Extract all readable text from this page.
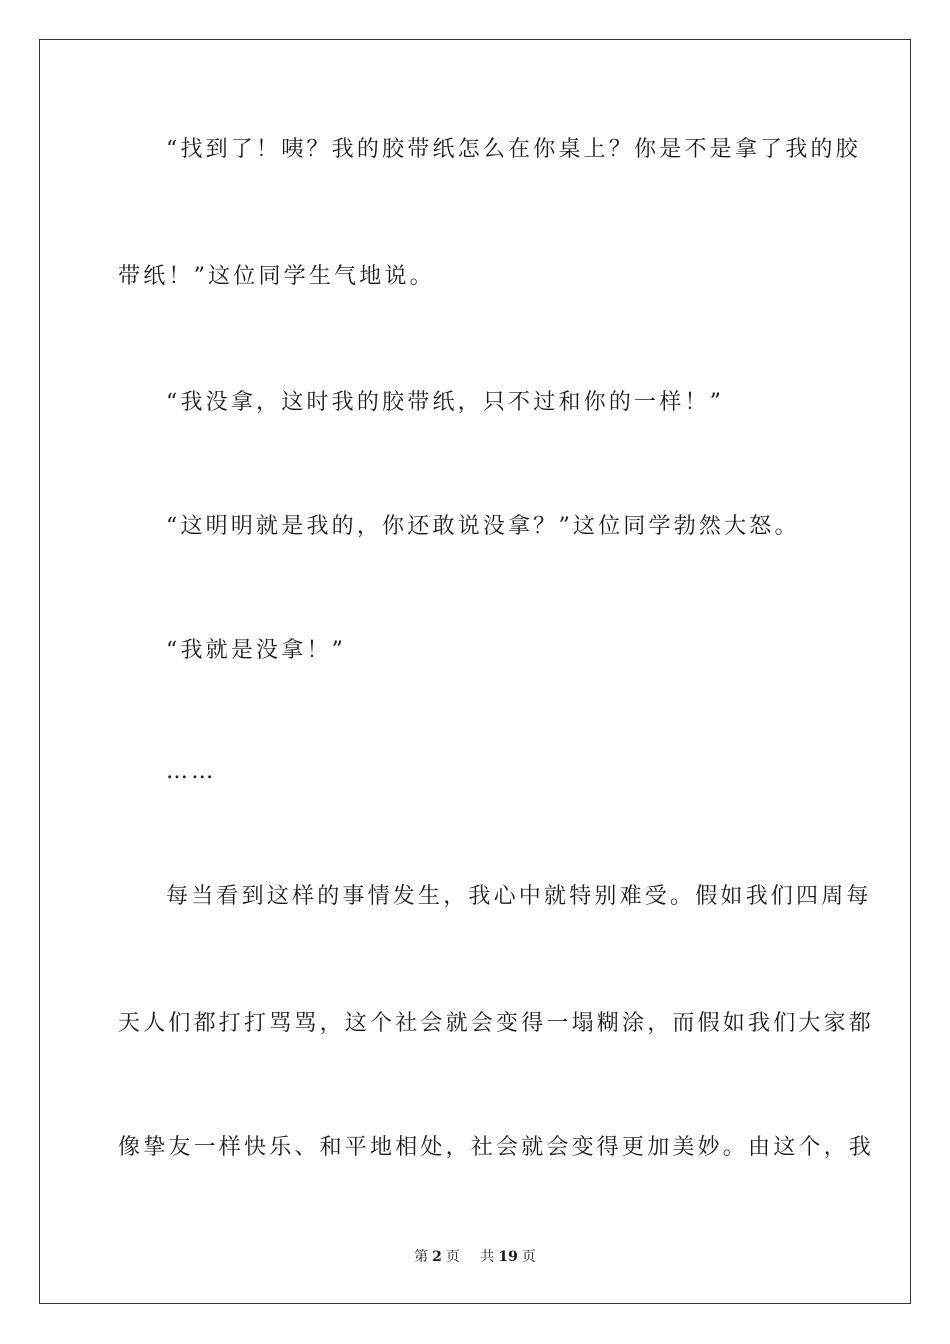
“找到了！咦？我的胶带纸怎么在你桌上？你是不是拿了我的胶
带纸！”这位同学生气地说。
“我没拿，这时我的胶带纸，只不过和你的一样！”
“这明明就是我的，你还敢说没拿？”这位同学勃然大怒。
“我就是没拿！”
……
每当看到这样的事情发生，我心中就特别难受。假如我们四周每
天人们都打打骂骂，这个社会就会变得一塌糊涂，而假如我们大家都
像挚友一样快乐、和平地相处，社会就会变得更加美妙。由这个，我
第 2 页 共 19 页
